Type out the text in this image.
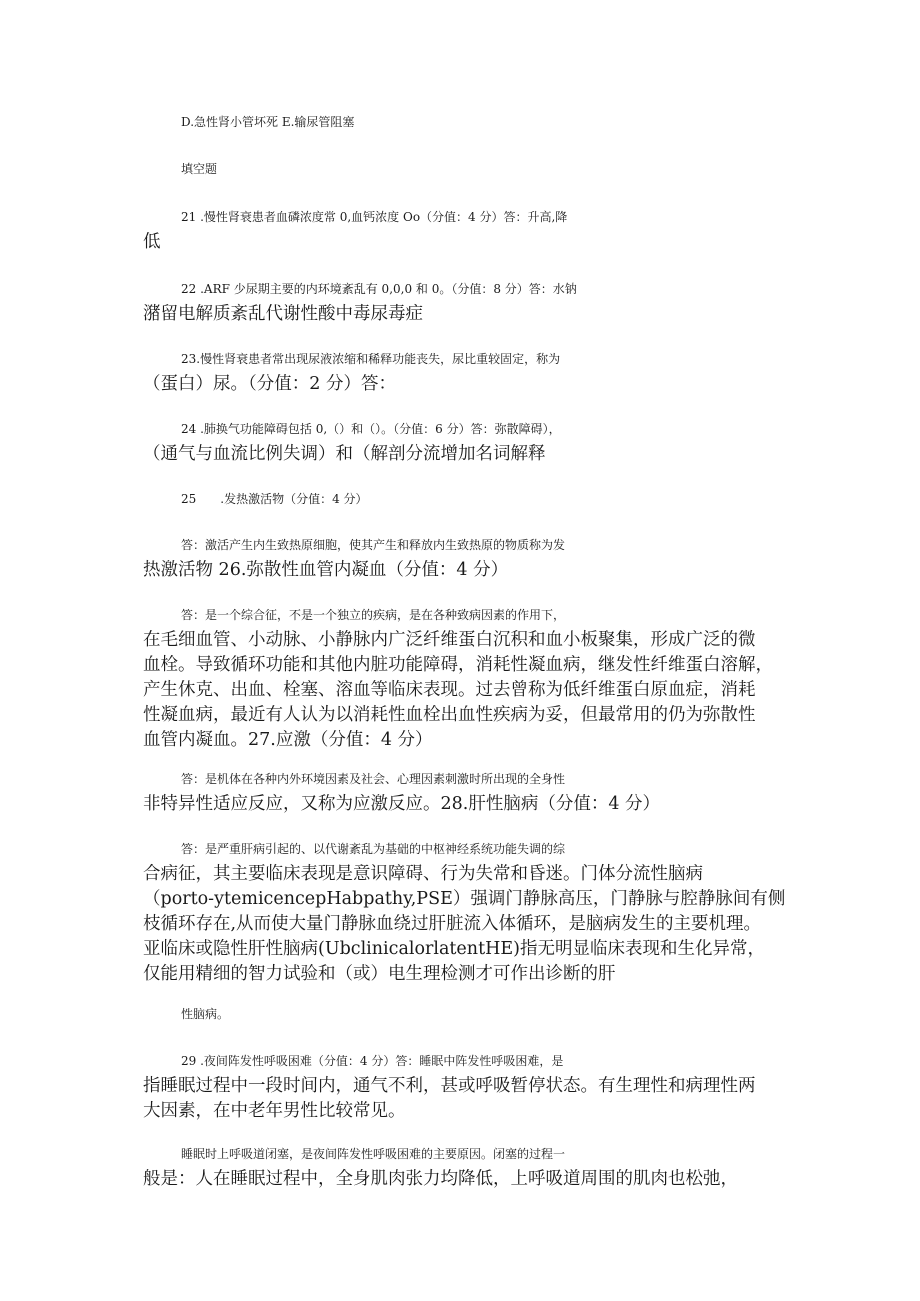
D.急性肾小管坏死 E.输尿管阻塞

填空题

21 .慢性肾衰患者血磷浓度常 0,血钙浓度 Oo（分值：4 分）答：升高,降
低

22 .ARF 少尿期主要的内环境紊乱有 0,0,0 和 0。（分值：8 分）答：水钠
潴留电解质紊乱代谢性酸中毒尿毒症

23.慢性肾衰患者常出现尿液浓缩和稀释功能丧失，尿比重较固定，称为
（蛋白）尿。（分值：2 分）答：

24 .肺换气功能障碍包括 0,（）和（）。（分值：6 分）答：弥散障碍），
（通气与血流比例失调）和（解剖分流增加名词解释

25　　.发热激活物（分值：4 分）

答：激活产生内生致热原细胞，使其产生和释放内生致热原的物质称为发
热激活物 26.弥散性血管内凝血（分值：4 分）

答：是一个综合征，不是一个独立的疾病，是在各种致病因素的作用下，
在毛细血管、小动脉、小静脉内广泛纤维蛋白沉积和血小板聚集，形成广泛的微
血栓。导致循环功能和其他内脏功能障碍，消耗性凝血病，继发性纤维蛋白溶解，
产生休克、出血、栓塞、溶血等临床表现。过去曾称为低纤维蛋白原血症，消耗
性凝血病，最近有人认为以消耗性血栓出血性疾病为妥，但最常用的仍为弥散性
血管内凝血。27.应激（分值：4 分）

答：是机体在各种内外环境因素及社会、心理因素刺激时所出现的全身性
非特异性适应反应，又称为应激反应。28.肝性脑病（分值：4 分）

答：是严重肝病引起的、以代谢紊乱为基础的中枢神经系统功能失调的综
合病征，其主要临床表现是意识障碍、行为失常和昏迷。门体分流性脑病
（porto-ytemicencepHabpathy,PSE）强调门静脉高压，门静脉与腔静脉间有侧
枝循环存在,从而使大量门静脉血绕过肝脏流入体循环，是脑病发生的主要机理。
亚临床或隐性肝性脑病(UbclinicalorlatentHE)指无明显临床表现和生化异常，
仅能用精细的智力试验和（或）电生理检测才可作出诊断的肝

性脑病。

29 .夜间阵发性呼吸困难（分值：4 分）答：睡眠中阵发性呼吸困难，是
指睡眠过程中一段时间内，通气不利，甚或呼吸暂停状态。有生理性和病理性两
大因素，在中老年男性比较常见。

睡眠时上呼吸道闭塞，是夜间阵发性呼吸困难的主要原因。闭塞的过程一
般是：人在睡眠过程中，全身肌肉张力均降低，上呼吸道周围的肌肉也松弛，
